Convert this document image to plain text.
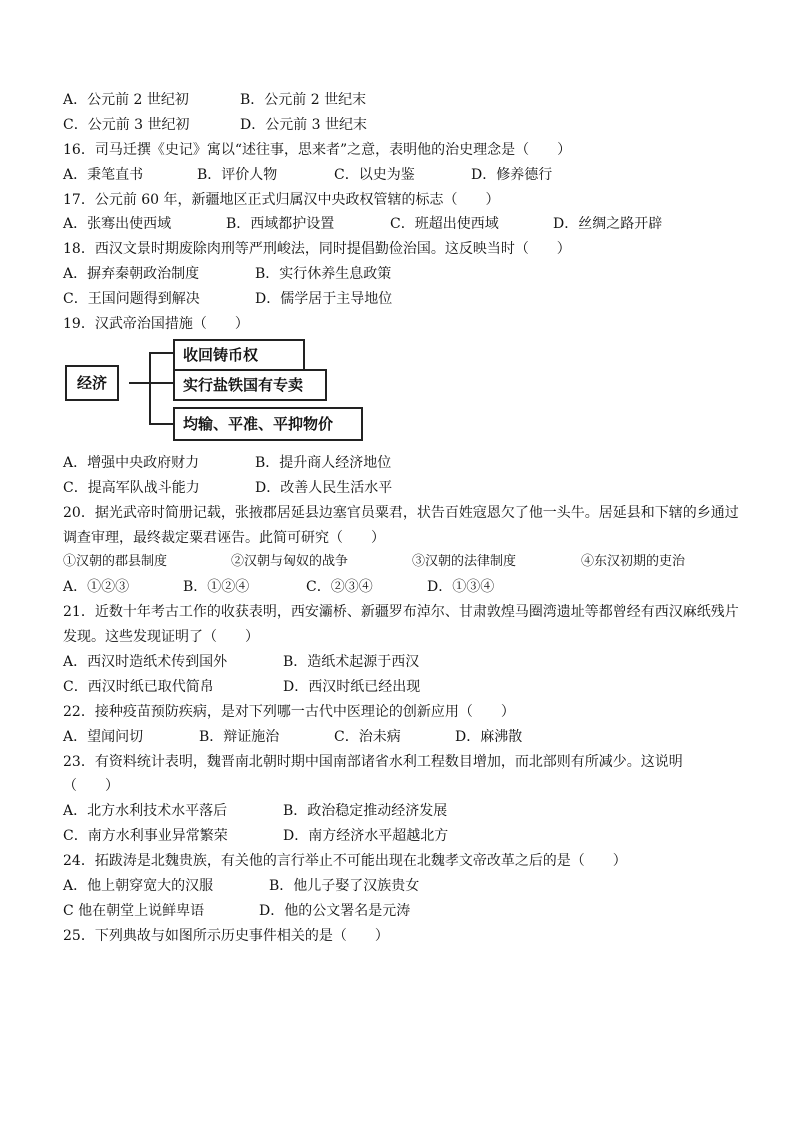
A．公元前 2 世纪初	B．公元前 2 世纪末
C．公元前 3 世纪初	D．公元前 3 世纪末
16．司马迁撰《史记》寓以“述往事，思来者”之意，表明他的治史理念是（　　）
A．秉笔直书	B．评价人物	C．以史为鉴	D．修养德行
17．公元前 60 年，新疆地区正式归属汉中央政权管辖的标志（　　）
A．张骞出使西域	B．西域都护设置	C．班超出使西域	D．丝绸之路开辟
18．西汉文景时期废除肉刑等严刑峻法，同时提倡勤俭治国。这反映当时（　　）
A．摒弃秦朝政治制度	B．实行休养生息政策
C．王国问题得到解决	D．儒学居于主导地位
19．汉武帝治国措施（　　）
经济
收回铸币权
实行盐铁国有专卖
均输、平准、平抑物价
A．增强中央政府财力	B．提升商人经济地位
C．提高军队战斗能力	D．改善人民生活水平
20．据光武帝时简册记载，张掖郡居延县边塞官员粟君，状告百姓寇恩欠了他一头牛。居延县和下辖的乡通过
调查审理，最终裁定粟君诬告。此简可研究（　　）
①汉朝的郡县制度	②汉朝与匈奴的战争	③汉朝的法律制度	④东汉初期的吏治
A．①②③	B．①②④	C．②③④	D．①③④
21．近数十年考古工作的收获表明，西安灞桥、新疆罗布淖尔、甘肃敦煌马圈湾遗址等都曾经有西汉麻纸残片
发现。这些发现证明了（　　）
A．西汉时造纸术传到国外	B．造纸术起源于西汉
C．西汉时纸已取代简帛	D．西汉时纸已经出现
22．接种疫苗预防疾病，是对下列哪一古代中医理论的创新应用（　　）
A．望闻问切	B．辩证施治	C．治未病	D．麻沸散
23．有资料统计表明，魏晋南北朝时期中国南部诸省水利工程数目增加，而北部则有所减少。这说明
（　　）
A．北方水利技术水平落后	B．政治稳定推动经济发展
C．南方水利事业异常繁荣	D．南方经济水平超越北方
24．拓跋涛是北魏贵族，有关他的言行举止不可能出现在北魏孝文帝改革之后的是（　　）
A．他上朝穿宽大的汉服	B．他儿子娶了汉族贵女
C 他在朝堂上说鲜卑语	D．他的公文署名是元涛
25．下列典故与如图所示历史事件相关的是（　　）
